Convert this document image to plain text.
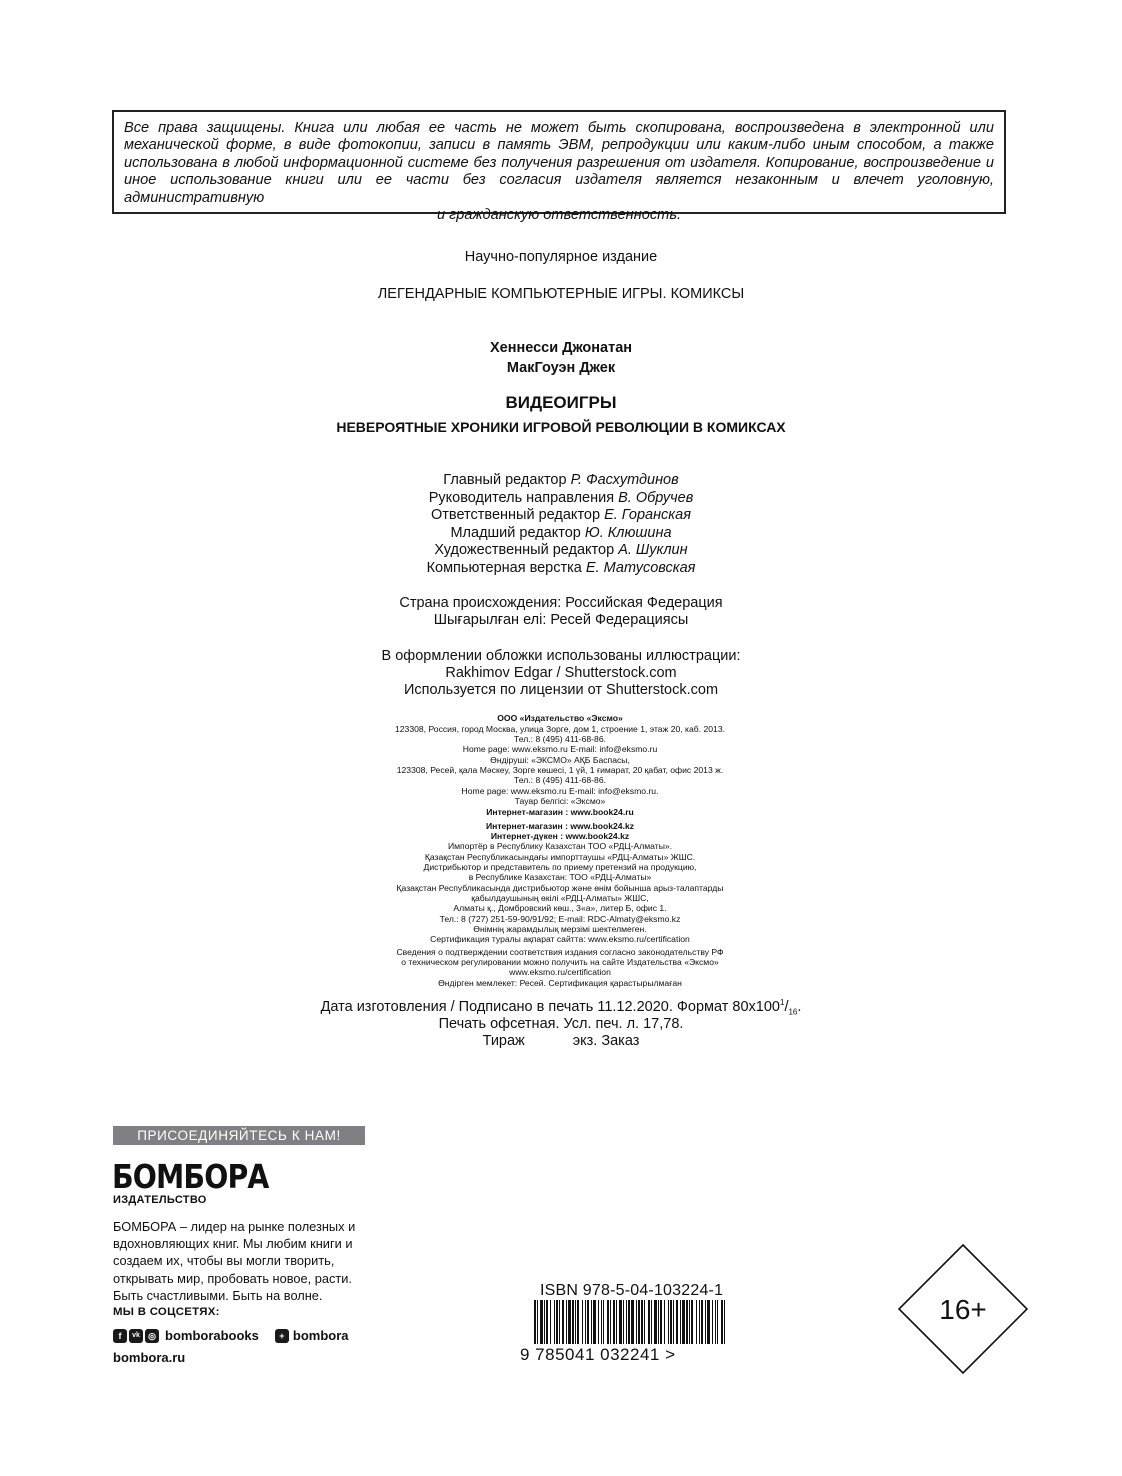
Все права защищены. Книга или любая ее часть не может быть скопирована, воспроизведена в электронной или механической форме, в виде фотокопии, записи в память ЭВМ, репродукции или каким-либо иным способом, а также использована в любой информационной системе без получения разрешения от издателя. Копирование, воспроизведение и иное использование книги или ее части без согласия издателя является незаконным и влечет уголовную, административную
и гражданскую ответственность.
Научно-популярное издание
ЛЕГЕНДАРНЫЕ КОМПЬЮТЕРНЫЕ ИГРЫ. КОМИКСЫ
Хеннесси Джонатан
МакГоуэн Джек
ВИДЕОИГРЫ
НЕВЕРОЯТНЫЕ ХРОНИКИ ИГРОВОЙ РЕВОЛЮЦИИ В КОМИКСАХ
Главный редактор Р. Фасхутдинов
Руководитель направления В. Обручев
Ответственный редактор Е. Горанская
Младший редактор Ю. Клюшина
Художественный редактор А. Шуклин
Компьютерная верстка Е. Матусовская
Страна происхождения: Российская Федерация
Шығарылған елі: Ресей Федерациясы
В оформлении обложки использованы иллюстрации:
Rakhimov Edgar / Shutterstock.com
Используется по лицензии от Shutterstock.com
ООО «Издательство «Эксмо»
123308, Россия, город Москва, улица Зорге, дом 1, строение 1, этаж 20, каб. 2013.
Тел.: 8 (495) 411-68-86.
Home page: www.eksmo.ru E-mail: info@eksmo.ru
Өндіруші: «ЭКСМО» АҚБ Баспасы,
123308, Ресей, қала Мәскеу, Зорге көшесі, 1 үй, 1 ғимарат, 20 қабат, офис 2013 ж.
Тел.: 8 (495) 411-68-86.
Home page: www.eksmo.ru E-mail: info@eksmo.ru.
Тауар белгісі: «Эксмо»
Интернет-магазин : www.book24.ru
Интернет-магазин : www.book24.kz
Интернет-дүкен : www.book24.kz
Импортёр в Республику Казахстан ТОО «РДЦ-Алматы».
Қазақстан Республикасындағы импорттаушы «РДЦ-Алматы» ЖШС.
Дистрибьютор и представитель по приему претензий на продукцию,
в Республике Казахстан: ТОО «РДЦ-Алматы»
Қазақстан Республикасында дистрибьютор және өнім бойынша арыз-талаптарды
қабылдаушының өкілі «РДЦ-Алматы» ЖШС,
Алматы қ., Домбровский көш., 3«а», литер Б, офис 1.
Тел.: 8 (727) 251-59-90/91/92; E-mail: RDC-Almaty@eksmo.kz
Өнімнің жарамдылық мерзімі шектелмеген.
Сертификация туралы ақпарат сайтта: www.eksmo.ru/certification
Сведения о подтверждении соответствия издания согласно законодательству РФ
о техническом регулировании можно получить на сайте Издательства «Эксмо»
www.eksmo.ru/certification
Өндірген мемлекет: Ресей. Сертификация қарастырылмаған
Дата изготовления / Подписано в печать 11.12.2020. Формат $80x100^1/_{16}$.
Печать офсетная. Усл. печ. л. 17,78.
Тираж	экз. Заказ
ПРИСОЕДИНЯЙТЕСЬ К НАМ!
БОМБОРА
ИЗДАТЕЛЬСТВО
БОМБОРА – лидер на рынке полезных и вдохновляющих книг. Мы любим книги и создаем их, чтобы вы могли творить, открывать мир, пробовать новое, расти. Быть счастливыми. Быть на волне.
МЫ В СОЦСЕТЯХ:
f	vk ◎ bomborabooks	+ bombora
bombora.ru
ISBN 978-5-04-103224-1
9 785041 032241 >
16+
